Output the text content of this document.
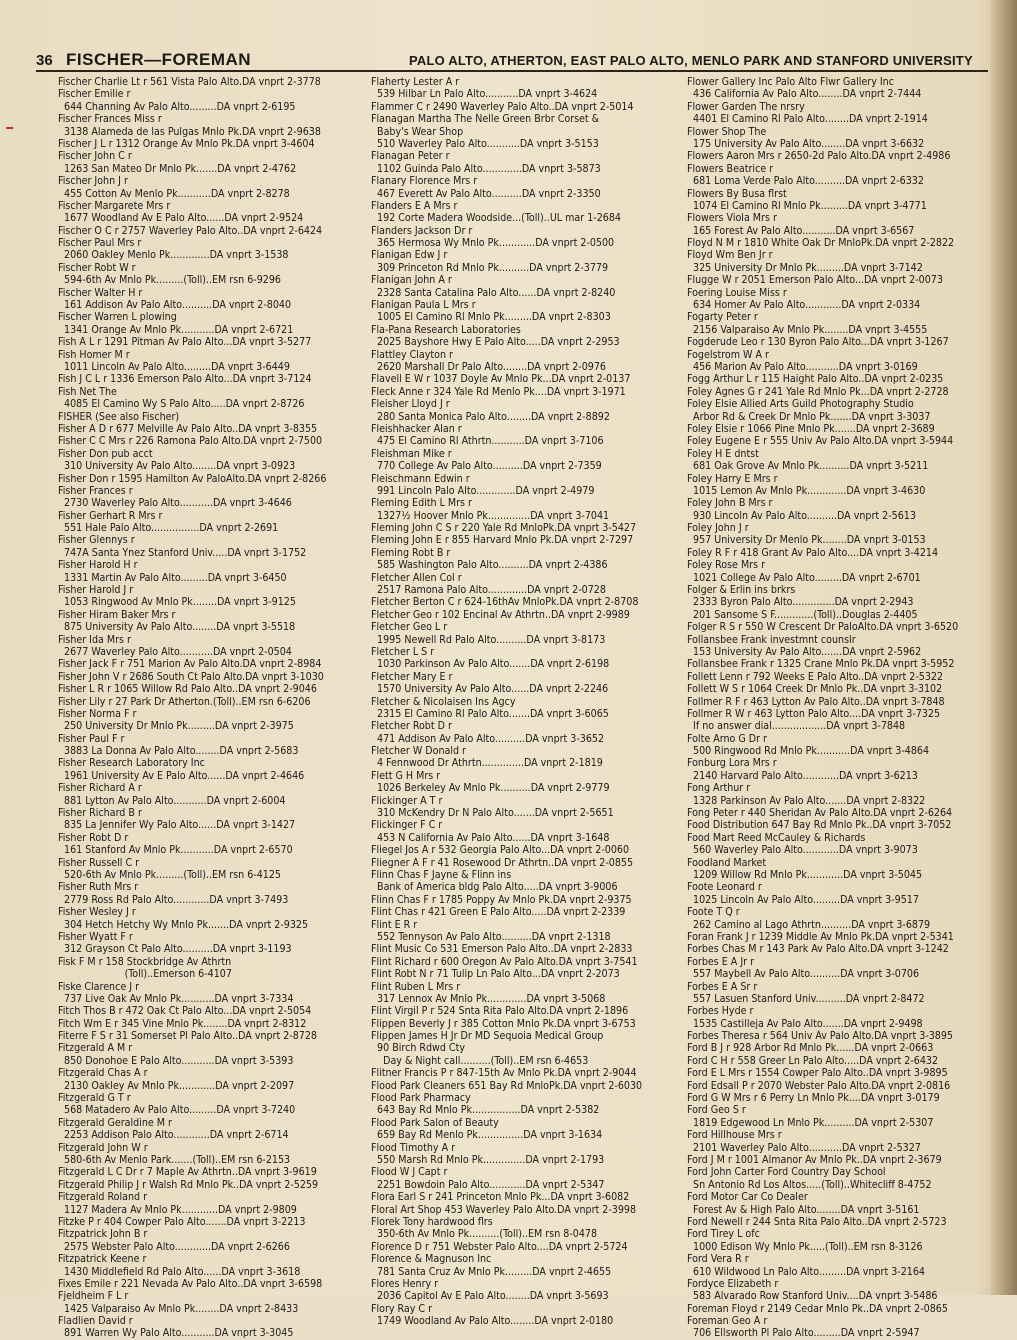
36 FISCHER—FOREMAN	PALO ALTO, ATHERTON, EAST PALO ALTO, MENLO PARK AND STANFORD UNIVERSITY
Fischer Charlie Lt r 561 Vista Palo Alto.DA vnprt 2-3778
Fischer Emilie r
644 Channing Av Palo Alto.........DA vnprt 2-6195
Fischer Frances Miss r
3138 Alameda de las Pulgas Mnlo Pk.DA vnprt 2-9638
Fischer J L r 1312 Orange Av Mnlo Pk.DA vnprt 3-4604
Fischer John C r
1263 San Mateo Dr Mnlo Pk.......DA vnprt 2-4762
Fischer John J r
455 Cotton Av Menlo Pk...........DA vnprt 2-8278
Fischer Margarete Mrs r
1677 Woodland Av E Palo Alto......DA vnprt 2-9524
Fischer O C r 2757 Waverley Palo Alto..DA vnprt 2-6424
Fischer Paul Mrs r
2060 Oakley Menlo Pk.............DA vnprt 3-1538
Fischer Robt W r
594-6th Av Mnlo Pk.........(Toll)..EM rsn 6-9296
Fischer Walter H r
161 Addison Av Palo Alto..........DA vnprt 2-8040
Fischer Warren L plowing
1341 Orange Av Mnlo Pk...........DA vnprt 2-6721
Fish A L r 1291 Pitman Av Palo Alto...DA vnprt 3-5277
Fish Homer M r
1011 Lincoln Av Palo Alto.........DA vnprt 3-6449
Fish J C L r 1336 Emerson Palo Alto...DA vnprt 3-7124
Fish Net The
4085 El Camino Wy S Palo Alto.....DA vnprt 2-8726
FISHER (See also Fischer)
Fisher A D r 677 Melville Av Palo Alto..DA vnprt 3-8355
Fisher C C Mrs r 226 Ramona Palo Alto.DA vnprt 2-7500
Fisher Don pub acct
310 University Av Palo Alto........DA vnprt 3-0923
Fisher Don r 1595 Hamilton Av PaloAlto.DA vnprt 2-8266
Fisher Frances r
2730 Waverley Palo Alto...........DA vnprt 3-4646
Fisher Gerhart R Mrs r
551 Hale Palo Alto................DA vnprt 2-2691
Fisher Glennys r
747A Santa Ynez Stanford Univ.....DA vnprt 3-1752
Fisher Harold H r
1331 Martin Av Palo Alto.........DA vnprt 3-6450
Fisher Harold J r
1053 Ringwood Av Mnlo Pk........DA vnprt 3-9125
Fisher Hiram Baker Mrs r
875 University Av Palo Alto........DA vnprt 3-5518
Fisher Ida Mrs r
2677 Waverley Palo Alto...........DA vnprt 2-0504
Fisher Jack F r 751 Marion Av Palo Alto.DA vnprt 2-8984
Fisher John V r 2686 South Ct Palo Alto.DA vnprt 3-1030
Fisher L R r 1065 Willow Rd Palo Alto..DA vnprt 2-9046
Fisher Lily r 27 Park Dr Atherton.(Toll)..EM rsn 6-6206
Fisher Norma F r
250 University Dr Mnlo Pk.........DA vnprt 2-3975
Fisher Paul F r
3883 La Donna Av Palo Alto........DA vnprt 2-5683
Fisher Research Laboratory Inc
1961 University Av E Palo Alto......DA vnprt 2-4646
Fisher Richard A r
881 Lytton Av Palo Alto...........DA vnprt 2-6004
Fisher Richard B r
835 La Jennifer Wy Palo Alto......DA vnprt 3-1427
Fisher Robt D r
161 Stanford Av Mnlo Pk...........DA vnprt 2-6570
Fisher Russell C r
520-6th Av Mnlo Pk.........(Toll)..EM rsn 6-4125
Fisher Ruth Mrs r
2779 Ross Rd Palo Alto............DA vnprt 3-7493
Fisher Wesley J r
304 Hetch Hetchy Wy Mnlo Pk.......DA vnprt 2-9325
Fisher Wyatt F r
312 Grayson Ct Palo Alto..........DA vnprt 3-1193
Fisk F M r 158 Stockbridge Av Athrtn
(Toll)..Emerson 6-4107
Fiske Clarence J r
737 Live Oak Av Mnlo Pk...........DA vnprt 3-7334
Fitch Thos B r 472 Oak Ct Palo Alto...DA vnprt 2-5054
Fitch Wm E r 345 Vine Mnlo Pk........DA vnprt 2-8312
Fiterre F S r 31 Somerset Pl Palo Alto..DA vnprt 2-8728
Fitzgerald A M r
850 Donohoe E Palo Alto...........DA vnprt 3-5393
Fitzgerald Chas A r
2130 Oakley Av Mnlo Pk............DA vnprt 2-2097
Fitzgerald G T r
568 Matadero Av Palo Alto.........DA vnprt 3-7240
Fitzgerald Geraldine M r
2253 Addison Palo Alto............DA vnprt 2-6714
Fitzgerald John W r
580-6th Av Menlo Park.......(Toll)..EM rsn 6-2153
Fitzgerald L C Dr r 7 Maple Av Athrtn..DA vnprt 3-9619
Fitzgerald Philip J r Walsh Rd Mnlo Pk..DA vnprt 2-5259
Fitzgerald Roland r
1127 Madera Av Mnlo Pk............DA vnprt 2-9809
Fitzke P r 404 Cowper Palo Alto.......DA vnprt 3-2213
Fitzpatrick John B r
2575 Webster Palo Alto............DA vnprt 2-6266
Fitzpatrick Keene r
1430 Middlefield Rd Palo Alto......DA vnprt 3-3618
Fixes Emile r 221 Nevada Av Palo Alto..DA vnprt 3-6598
Fjeldheim F L r
1425 Valparaiso Av Mnlo Pk........DA vnprt 2-8433
Fladlien David r
891 Warren Wy Palo Alto...........DA vnprt 3-3045
Flaherty Lester A r
539 Hilbar Ln Palo Alto...........DA vnprt 3-4624
Flammer C r 2490 Waverley Palo Alto..DA vnprt 2-5014
Flanagan Martha The Nelle Green Brbr Corset &
Baby's Wear Shop
510 Waverley Palo Alto...........DA vnprt 3-5153
Flanagan Peter r
1102 Guinda Palo Alto.............DA vnprt 3-5873
Flanary Florence Mrs r
467 Everett Av Palo Alto..........DA vnprt 2-3350
Flanders E A Mrs r
192 Corte Madera Woodside...(Toll)..UL mar 1-2684
Flanders Jackson Dr r
365 Hermosa Wy Mnlo Pk............DA vnprt 2-0500
Flanigan Edw J r
309 Princeton Rd Mnlo Pk..........DA vnprt 2-3779
Flanigan John A r
2328 Santa Catalina Palo Alto......DA vnprt 2-8240
Flanigan Paula L Mrs r
1005 El Camino Rl Mnlo Pk.........DA vnprt 2-8303
Fla-Pana Research Laboratories
2025 Bayshore Hwy E Palo Alto.....DA vnprt 2-2953
Flattley Clayton r
2620 Marshall Dr Palo Alto........DA vnprt 2-0976
Flavell E W r 1037 Doyle Av Mnlo Pk...DA vnprt 2-0137
Fleck Anne r 324 Yale Rd Menlo Pk....DA vnprt 3-1971
Fleisher Lloyd J r
280 Santa Monica Palo Alto........DA vnprt 2-8892
Fleishhacker Alan r
475 El Camino Rl Athrtn...........DA vnprt 3-7106
Fleishman Mike r
770 College Av Palo Alto..........DA vnprt 2-7359
Fleischmann Edwin r
991 Lincoln Palo Alto.............DA vnprt 2-4979
Fleming Edith L Mrs r
1327½ Hoover Mnlo Pk..............DA vnprt 3-7041
Fleming John C S r 220 Yale Rd MnloPk.DA vnprt 3-5427
Fleming John E r 855 Harvard Mnlo Pk.DA vnprt 2-7297
Fleming Robt B r
585 Washington Palo Alto..........DA vnprt 2-4386
Fletcher Allen Col r
2517 Ramona Palo Alto.............DA vnprt 2-0728
Fletcher Berton C r 624-16thAv MnloPk.DA vnprt 2-8708
Fletcher Geo r 102 Encinal Av Athrtn..DA vnprt 2-9989
Fletcher Geo L r
1995 Newell Rd Palo Alto..........DA vnprt 3-8173
Fletcher L S r
1030 Parkinson Av Palo Alto.......DA vnprt 2-6198
Fletcher Mary E r
1570 University Av Palo Alto......DA vnprt 2-2246
Fletcher & Nicolaisen Ins Agcy
2315 El Camino Rl Palo Alto.......DA vnprt 3-6065
Fletcher Robt D r
471 Addison Av Palo Alto..........DA vnprt 3-3652
Fletcher W Donald r
4 Fennwood Dr Athrtn..............DA vnprt 2-1819
Flett G H Mrs r
1026 Berkeley Av Mnlo Pk..........DA vnprt 2-9779
Flickinger A T r
310 McKendry Dr N Palo Alto.......DA vnprt 2-5651
Flickinger F C r
453 N California Av Palo Alto......DA vnprt 3-1648
Fliegel Jos A r 532 Georgia Palo Alto...DA vnprt 2-0060
Fliegner A F r 41 Rosewood Dr Athrtn..DA vnprt 2-0855
Flinn Chas F Jayne & Flinn ins
Bank of America bldg Palo Alto.....DA vnprt 3-9006
Flinn Chas F r 1785 Poppy Av Mnlo Pk.DA vnprt 2-9375
Flint Chas r 421 Green E Palo Alto.....DA vnprt 2-2339
Flint E R r
552 Tennyson Av Palo Alto..........DA vnprt 2-1318
Flint Music Co 531 Emerson Palo Alto..DA vnprt 2-2833
Flint Richard r 600 Oregon Av Palo Alto.DA vnprt 3-7541
Flint Robt N r 71 Tulip Ln Palo Alto...DA vnprt 2-2073
Flint Ruben L Mrs r
317 Lennox Av Mnlo Pk.............DA vnprt 3-5068
Flint Virgil P r 524 Snta Rita Palo Alto.DA vnprt 2-1896
Flippen Beverly J r 385 Cotton Mnlo Pk.DA vnprt 3-6753
Flippen James H Jr Dr MD Sequoia Medical Group
90 Birch Rdwd Cty
Day & Night call..........(Toll)..EM rsn 6-4653
Flitner Francis P r 847-15th Av Mnlo Pk.DA vnprt 2-9044
Flood Park Cleaners 651 Bay Rd MnloPk.DA vnprt 2-6030
Flood Park Pharmacy
643 Bay Rd Mnlo Pk................DA vnprt 2-5382
Flood Park Salon of Beauty
659 Bay Rd Menlo Pk...............DA vnprt 3-1634
Flood Timothy A r
550 Marsh Rd Mnlo Pk..............DA vnprt 2-1793
Flood W J Capt r
2251 Bowdoin Palo Alto............DA vnprt 2-5347
Flora Earl S r 241 Princeton Mnlo Pk...DA vnprt 3-6082
Floral Art Shop 453 Waverley Palo Alto.DA vnprt 2-3998
Florek Tony hardwood flrs
350-6th Av Mnlo Pk..........(Toll)..EM rsn 8-0478
Florence D r 751 Webster Palo Alto....DA vnprt 2-5724
Florence & Magnuson Inc
781 Santa Cruz Av Mnlo Pk.........DA vnprt 2-4655
Flores Henry r
2036 Capitol Av E Palo Alto........DA vnprt 3-5693
Flory Ray C r
1749 Woodland Av Palo Alto........DA vnprt 2-0180
Flower Gallery Inc Palo Alto Flwr Gallery Inc
436 California Av Palo Alto........DA vnprt 2-7444
Flower Garden The nrsry
4401 El Camino Rl Palo Alto........DA vnprt 2-1914
Flower Shop The
175 University Av Palo Alto........DA vnprt 3-6632
Flowers Aaron Mrs r 2650-2d Palo Alto.DA vnprt 2-4986
Flowers Beatrice r
681 Loma Verde Palo Alto..........DA vnprt 2-6332
Flowers By Busa flrst
1074 El Camino Rl Mnlo Pk.........DA vnprt 3-4771
Flowers Viola Mrs r
165 Forest Av Palo Alto...........DA vnprt 3-6567
Floyd N M r 1810 White Oak Dr MnloPk.DA vnprt 2-2822
Floyd Wm Ben Jr r
325 University Dr Mnlo Pk.........DA vnprt 3-7142
Flugge W r 2051 Emerson Palo Alto...DA vnprt 2-0073
Foering Louise Miss r
634 Homer Av Palo Alto............DA vnprt 2-0334
Fogarty Peter r
2156 Valparaiso Av Mnlo Pk........DA vnprt 3-4555
Fogderude Leo r 130 Byron Palo Alto...DA vnprt 3-1267
Fogelstrom W A r
456 Marion Av Palo Alto...........DA vnprt 3-0169
Fogg Arthur L r 115 Haight Palo Alto..DA vnprt 2-0235
Foley Agnes G r 241 Yale Rd Mnlo Pk...DA vnprt 2-2728
Foley Elsie Allied Arts Guild Photography Studio
Arbor Rd & Creek Dr Mnlo Pk.......DA vnprt 3-3037
Foley Elsie r 1066 Pine Mnlo Pk.......DA vnprt 2-3689
Foley Eugene E r 555 Univ Av Palo Alto.DA vnprt 3-5944
Foley H E dntst
681 Oak Grove Av Mnlo Pk..........DA vnprt 3-5211
Foley Harry E Mrs r
1015 Lemon Av Mnlo Pk.............DA vnprt 3-4630
Foley John B Mrs r
930 Lincoln Av Palo Alto..........DA vnprt 2-5613
Foley John J r
957 University Dr Menlo Pk........DA vnprt 3-0153
Foley R F r 418 Grant Av Palo Alto....DA vnprt 3-4214
Foley Rose Mrs r
1021 College Av Palo Alto.........DA vnprt 2-6701
Folger & Erlin ins brkrs
2333 Byron Palo Alto..............DA vnprt 2-2943
201 Sansome S F.............(Toll)..Douglas 2-4405
Folger R S r 550 W Crescent Dr PaloAlto.DA vnprt 3-6520
Follansbee Frank investmnt counslr
153 University Av Palo Alto.......DA vnprt 2-5962
Follansbee Frank r 1325 Crane Mnlo Pk.DA vnprt 3-5952
Follett Lenn r 792 Weeks E Palo Alto..DA vnprt 2-5322
Follett W S r 1064 Creek Dr Mnlo Pk..DA vnprt 3-3102
Follmer R F r 463 Lytton Av Palo Alto..DA vnprt 3-7848
Follmer R W r 463 Lytton Palo Alto....DA vnprt 3-7325
If no answer dial..................DA vnprt 3-7848
Folte Arno G Dr r
500 Ringwood Rd Mnlo Pk...........DA vnprt 3-4864
Fonburg Lora Mrs r
2140 Harvard Palo Alto............DA vnprt 3-6213
Fong Arthur r
1328 Parkinson Av Palo Alto.......DA vnprt 2-8322
Fong Peter r 440 Sheridan Av Palo Alto.DA vnprt 2-6264
Food Distribution 647 Bay Rd Mnlo Pk..DA vnprt 3-7052
Food Mart Reed McCauley & Richards
560 Waverley Palo Alto............DA vnprt 3-9073
Foodland Market
1209 Willow Rd Mnlo Pk............DA vnprt 3-5045
Foote Leonard r
1025 Lincoln Av Palo Alto.........DA vnprt 3-9517
Foote T Q r
262 Camino al Lago Athrtn..........DA vnprt 3-6879
Foran Frank J r 1239 Middle Av Mnlo Pk.DA vnprt 2-5341
Forbes Chas M r 143 Park Av Palo Alto.DA vnprt 3-1242
Forbes E A Jr r
557 Maybell Av Palo Alto..........DA vnprt 3-0706
Forbes E A Sr r
557 Lasuen Stanford Univ..........DA vnprt 2-8472
Forbes Hyde r
1535 Castilleja Av Palo Alto.......DA vnprt 2-9498
Forbes Theresa r 564 Univ Av Palo Alto.DA vnprt 3-3895
Ford B J r 928 Arbor Rd Mnlo Pk......DA vnprt 2-0663
Ford C H r 558 Greer Ln Palo Alto.....DA vnprt 2-6432
Ford E L Mrs r 1554 Cowper Palo Alto..DA vnprt 3-9895
Ford Edsall P r 2070 Webster Palo Alto.DA vnprt 2-0816
Ford G W Mrs r 6 Perry Ln Mnlo Pk....DA vnprt 3-0179
Ford Geo S r
1819 Edgewood Ln Mnlo Pk..........DA vnprt 2-5307
Ford Hillhouse Mrs r
2101 Waverley Palo Alto...........DA vnprt 2-5327
Ford J M r 1001 Almanor Av Mnlo Pk..DA vnprt 2-3679
Ford John Carter Ford Country Day School
Sn Antonio Rd Los Altos.....(Toll)..Whitecliff 8-4752
Ford Motor Car Co Dealer
Forest Av & High Palo Alto........DA vnprt 3-5161
Ford Newell r 244 Snta Rita Palo Alto..DA vnprt 2-5723
Ford Tirey L ofc
1000 Edison Wy Mnlo Pk.....(Toll)..EM rsn 8-3126
Ford Vera R r
610 Wildwood Ln Palo Alto.........DA vnprt 3-2164
Fordyce Elizabeth r
583 Alvarado Row Stanford Univ....DA vnprt 3-5486
Foreman Floyd r 2149 Cedar Mnlo Pk..DA vnprt 2-0865
Foreman Geo A r
706 Ellsworth Pl Palo Alto.........DA vnprt 2-5947
